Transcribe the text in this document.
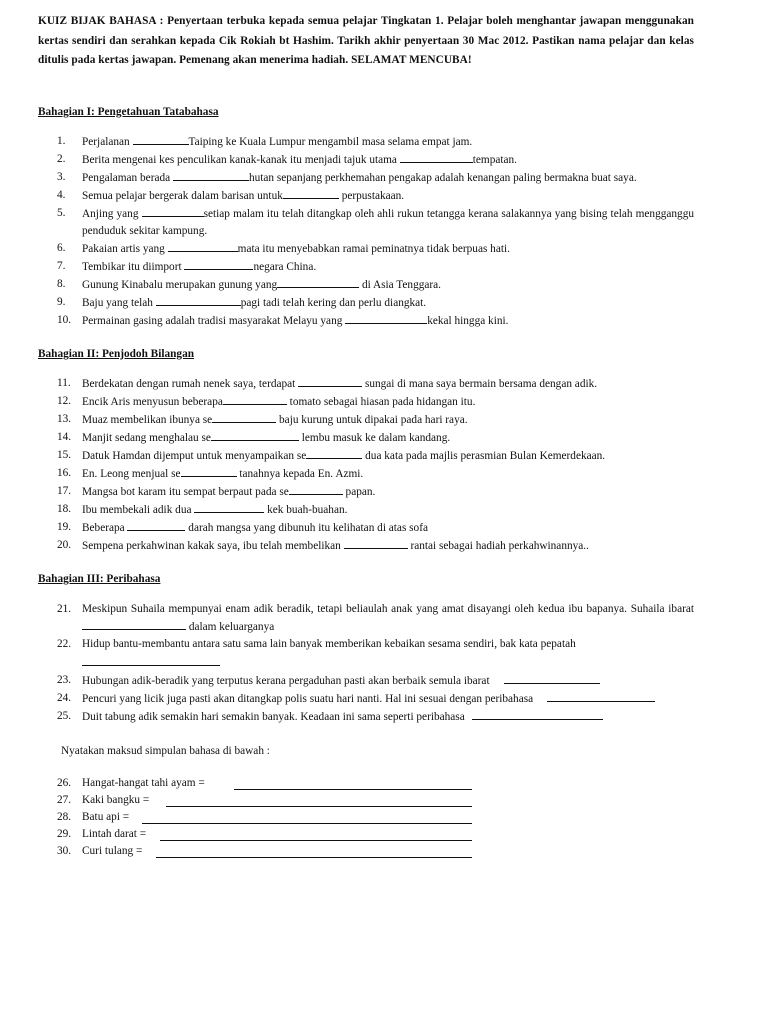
KUIZ BIJAK BAHASA : Penyertaan terbuka kepada semua pelajar Tingkatan 1. Pelajar boleh menghantar jawapan menggunakan kertas sendiri dan serahkan kepada Cik Rokiah bt Hashim. Tarikh akhir penyertaan 30 Mac 2012. Pastikan nama pelajar dan kelas ditulis pada kertas jawapan. Pemenang akan menerima hadiah. SELAMAT MENCUBA!

Bahagian I: Pengetahuan Tatabahasa

1.	Perjalanan	Taiping ke Kuala Lumpur mengambil masa selama empat jam.
2.	Berita mengenai kes penculikan kanak-kanak itu menjadi tajuk utama	tempatan.
3.	Pengalaman berada	hutan sepanjang perkhemahan pengakap adalah kenangan paling bermakna buat saya.
4.	Semua pelajar bergerak dalam barisan untuk	perpustakaan.
5.	Anjing yang	setiap malam itu telah ditangkap oleh ahli rukun tetangga kerana salakannya yang bising telah mengganggu penduduk sekitar kampung.
6.	Pakaian artis yang	mata itu menyebabkan ramai peminatnya tidak berpuas hati.
7.	Tembikar itu diimport	negara China.
8.	Gunung Kinabalu merupakan gunung yang	di Asia Tenggara.
9.	Baju yang telah	pagi tadi telah kering dan perlu diangkat.
10. Permainan gasing adalah tradisi masyarakat Melayu yang	kekal hingga kini.

Bahagian II: Penjodoh Bilangan

11. Berdekatan dengan rumah nenek saya, terdapat	sungai di mana saya bermain bersama dengan adik.
12. Encik Aris menyusun beberapa	tomato sebagai hiasan pada hidangan itu.
13. Muaz membelikan ibunya se	baju kurung untuk dipakai pada hari raya.
14. Manjit sedang menghalau se	lembu masuk ke dalam kandang.
15. Datuk Hamdan dijemput untuk menyampaikan se	dua kata pada majlis perasmian Bulan Kemerdekaan.
16. En. Leong menjual se	tanahnya kepada En. Azmi.
17. Mangsa bot karam itu sempat berpaut pada se	papan.
18. Ibu membekali adik dua	kek buah-buahan.
19. Beberapa	darah mangsa yang dibunuh itu kelihatan di atas sofa
20. Sempena perkahwinan kakak saya, ibu telah membelikan	rantai sebagai hadiah perkahwinannya..

Bahagian III: Peribahasa

21. Meskipun Suhaila mempunyai enam adik beradik, tetapi beliaulah anak yang amat disayangi oleh kedua ibu bapanya. Suhaila ibarat  dalam keluarganya
22. Hidup bantu-membantu antara satu sama lain banyak memberikan kebaikan sesama sendiri, bak kata pepatah
23. Hubungan adik-beradik yang terputus kerana pergaduhan pasti akan berbaik semula ibarat
24. Pencuri yang licik juga pasti akan ditangkap polis suatu hari nanti. Hal ini sesuai dengan peribahasa
25. Duit tabung adik semakin hari semakin banyak. Keadaan ini sama seperti peribahasa

Nyatakan maksud simpulan bahasa di bawah :

26. Hangat-hangat tahi ayam =
27. Kaki bangku =
28. Batu api =
29. Lintah darat =
30. Curi tulang =
